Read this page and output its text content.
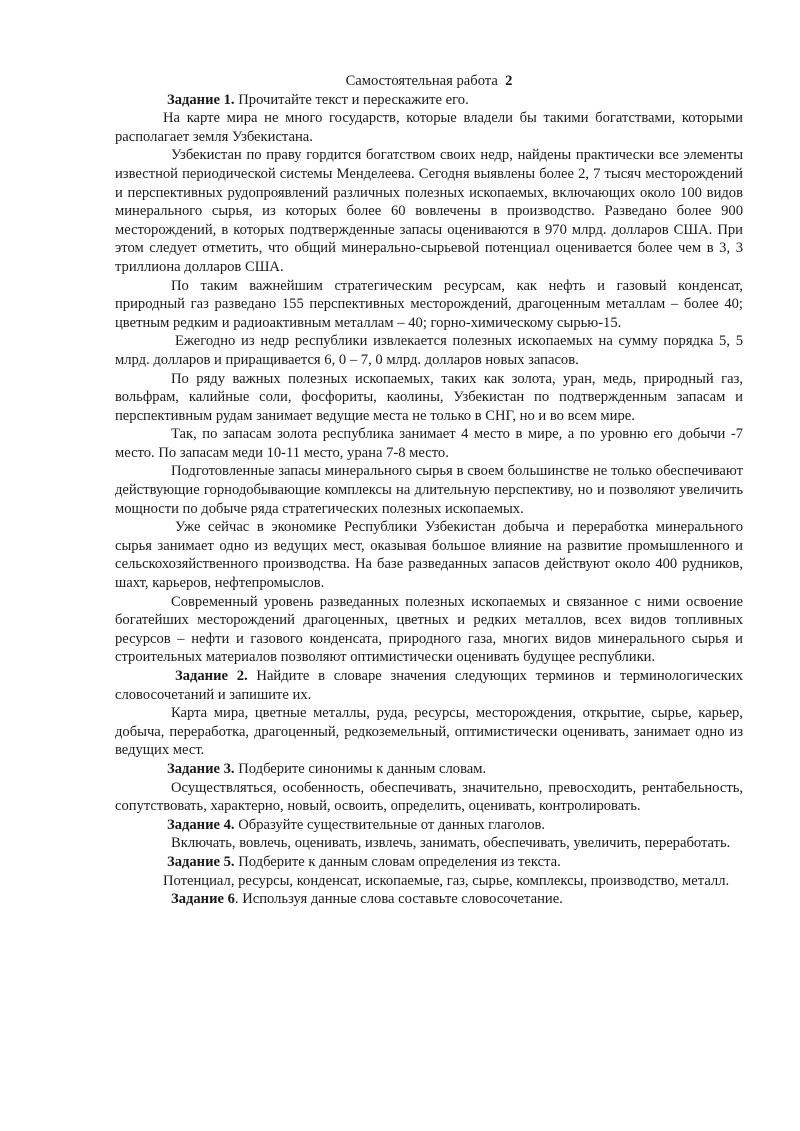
Самостоятельная работа 2

Задание 1. Прочитайте текст и перескажите его.

На карте мира не много государств, которые владели бы такими богатствами, которыми располагает земля Узбекистана.

Узбекистан по праву гордится богатством своих недр, найдены практически все элементы известной периодической системы Менделеева. Сегодня выявлены более 2, 7 тысяч месторождений и перспективных рудопроявлений различных полезных ископаемых, включающих около 100 видов минерального сырья, из которых более 60 вовлечены в производство. Разведано более 900 месторождений, в которых подтвержденные запасы оцениваются в 970 млрд. долларов США. При этом следует отметить, что общий минерально-сырьевой потенциал оценивается более чем в 3, 3 триллиона долларов США.

По таким важнейшим стратегическим ресурсам, как нефть и газовый конденсат, природный газ разведано 155 перспективных месторождений, драгоценным металлам – более 40; цветным редким и радиоактивным металлам – 40; горно-химическому сырью-15.

Ежегодно из недр республики извлекается полезных ископаемых на сумму порядка 5, 5 млрд. долларов и приращивается 6, 0 – 7, 0 млрд. долларов новых запасов.

По ряду важных полезных ископаемых, таких как золота, уран, медь, природный газ, вольфрам, калийные соли, фосфориты, каолины, Узбекистан по подтвержденным запасам и перспективным рудам занимает ведущие места не только в СНГ, но и во всем мире.

Так, по запасам золота республика занимает 4 место в мире, а по уровню его добычи -7 место. По запасам меди 10-11 место, урана 7-8 место.

Подготовленные запасы минерального сырья в своем большинстве не только обеспечивают действующие горнодобывающие комплексы на длительную перспективу, но и позволяют увеличить мощности по добыче ряда стратегических полезных ископаемых.

Уже сейчас в экономике Республики Узбекистан добыча и переработка минерального сырья занимает одно из ведущих мест, оказывая большое влияние на развитие промышленного и сельскохозяйственного производства. На базе разведанных запасов действуют около 400 рудников, шахт, карьеров, нефтепромыслов.

Современный уровень разведанных полезных ископаемых и связанное с ними освоение богатейших месторождений драгоценных, цветных и редких металлов, всех видов топливных ресурсов – нефти и газового конденсата, природного газа, многих видов минерального сырья и строительных материалов позволяют оптимистически оценивать будущее республики.

Задание 2. Найдите в словаре значения следующих терминов и терминологических словосочетаний и запишите их.

Карта мира, цветные металлы, руда, ресурсы, месторождения, открытие, сырье, карьер, добыча, переработка, драгоценный, редкоземельный, оптимистически оценивать, занимает одно из ведущих мест.

Задание 3. Подберите синонимы к данным словам.

Осуществляться, особенность, обеспечивать, значительно, превосходить, рентабельность, сопутствовать, характерно, новый, освоить, определить, оценивать, контролировать.

Задание 4. Образуйте существительные от данных глаголов.

Включать, вовлечь, оценивать, извлечь, занимать, обеспечивать, увеличить, переработать.

Задание 5. Подберите к данным словам определения из текста.

Потенциал, ресурсы, конденсат, ископаемые, газ, сырье, комплексы, производство, металл.

Задание 6. Используя данные слова составьте словосочетание.
